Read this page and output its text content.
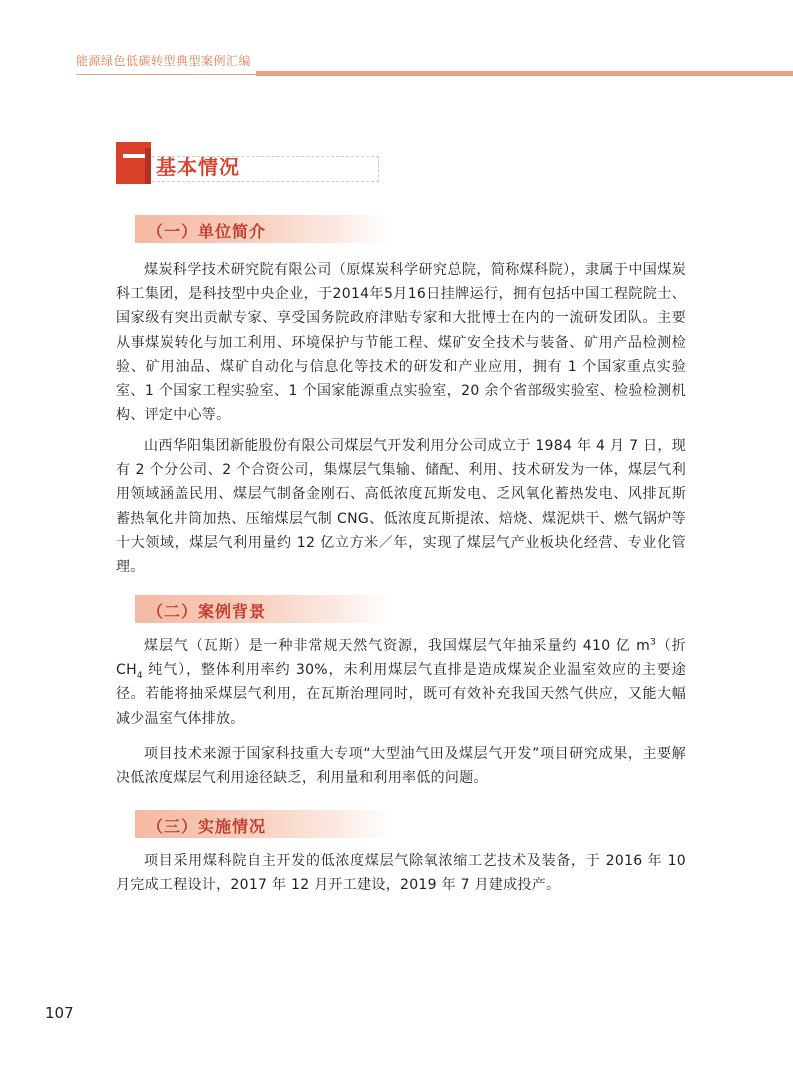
能源绿色低碳转型典型案例汇编
基本情况
（一）单位简介
煤炭科学技术研究院有限公司（原煤炭科学研究总院，简称煤科院），隶属于中国煤炭科工集团，是科技型中央企业，于2014年5月16日挂牌运行，拥有包括中国工程院院士、国家级有突出贡献专家、享受国务院政府津贴专家和大批博士在内的一流研发团队。主要从事煤炭转化与加工利用、环境保护与节能工程、煤矿安全技术与装备、矿用产品检测检验、矿用油品、煤矿自动化与信息化等技术的研发和产业应用，拥有 1 个国家重点实验室、1 个国家工程实验室、1 个国家能源重点实验室，20 余个省部级实验室、检验检测机构、评定中心等。
山西华阳集团新能股份有限公司煤层气开发利用分公司成立于 1984 年 4 月 7 日，现有 2 个分公司、2 个合资公司，集煤层气集输、储配、利用、技术研发为一体，煤层气利用领域涵盖民用、煤层气制备金刚石、高低浓度瓦斯发电、乏风氧化蓄热发电、风排瓦斯蓄热氧化井筒加热、压缩煤层气制 CNG、低浓度瓦斯提浓、焙烧、煤泥烘干、燃气锅炉等十大领域，煤层气利用量约 12 亿立方米／年，实现了煤层气产业板块化经营、专业化管理。
（二）案例背景
煤层气（瓦斯）是一种非常规天然气资源，我国煤层气年抽采量约 410 亿 $m^3$（折 $CH_4$ 纯气），整体利用率约 30%，未利用煤层气直排是造成煤炭企业温室效应的主要途径。若能将抽采煤层气利用，在瓦斯治理同时，既可有效补充我国天然气供应，又能大幅减少温室气体排放。
项目技术来源于国家科技重大专项“大型油气田及煤层气开发”项目研究成果，主要解决低浓度煤层气利用途径缺乏，利用量和利用率低的问题。
（三）实施情况
项目采用煤科院自主开发的低浓度煤层气除氧浓缩工艺技术及装备，于 2016 年 10 月完成工程设计，2017 年 12 月开工建设，2019 年 7 月建成投产。
107
